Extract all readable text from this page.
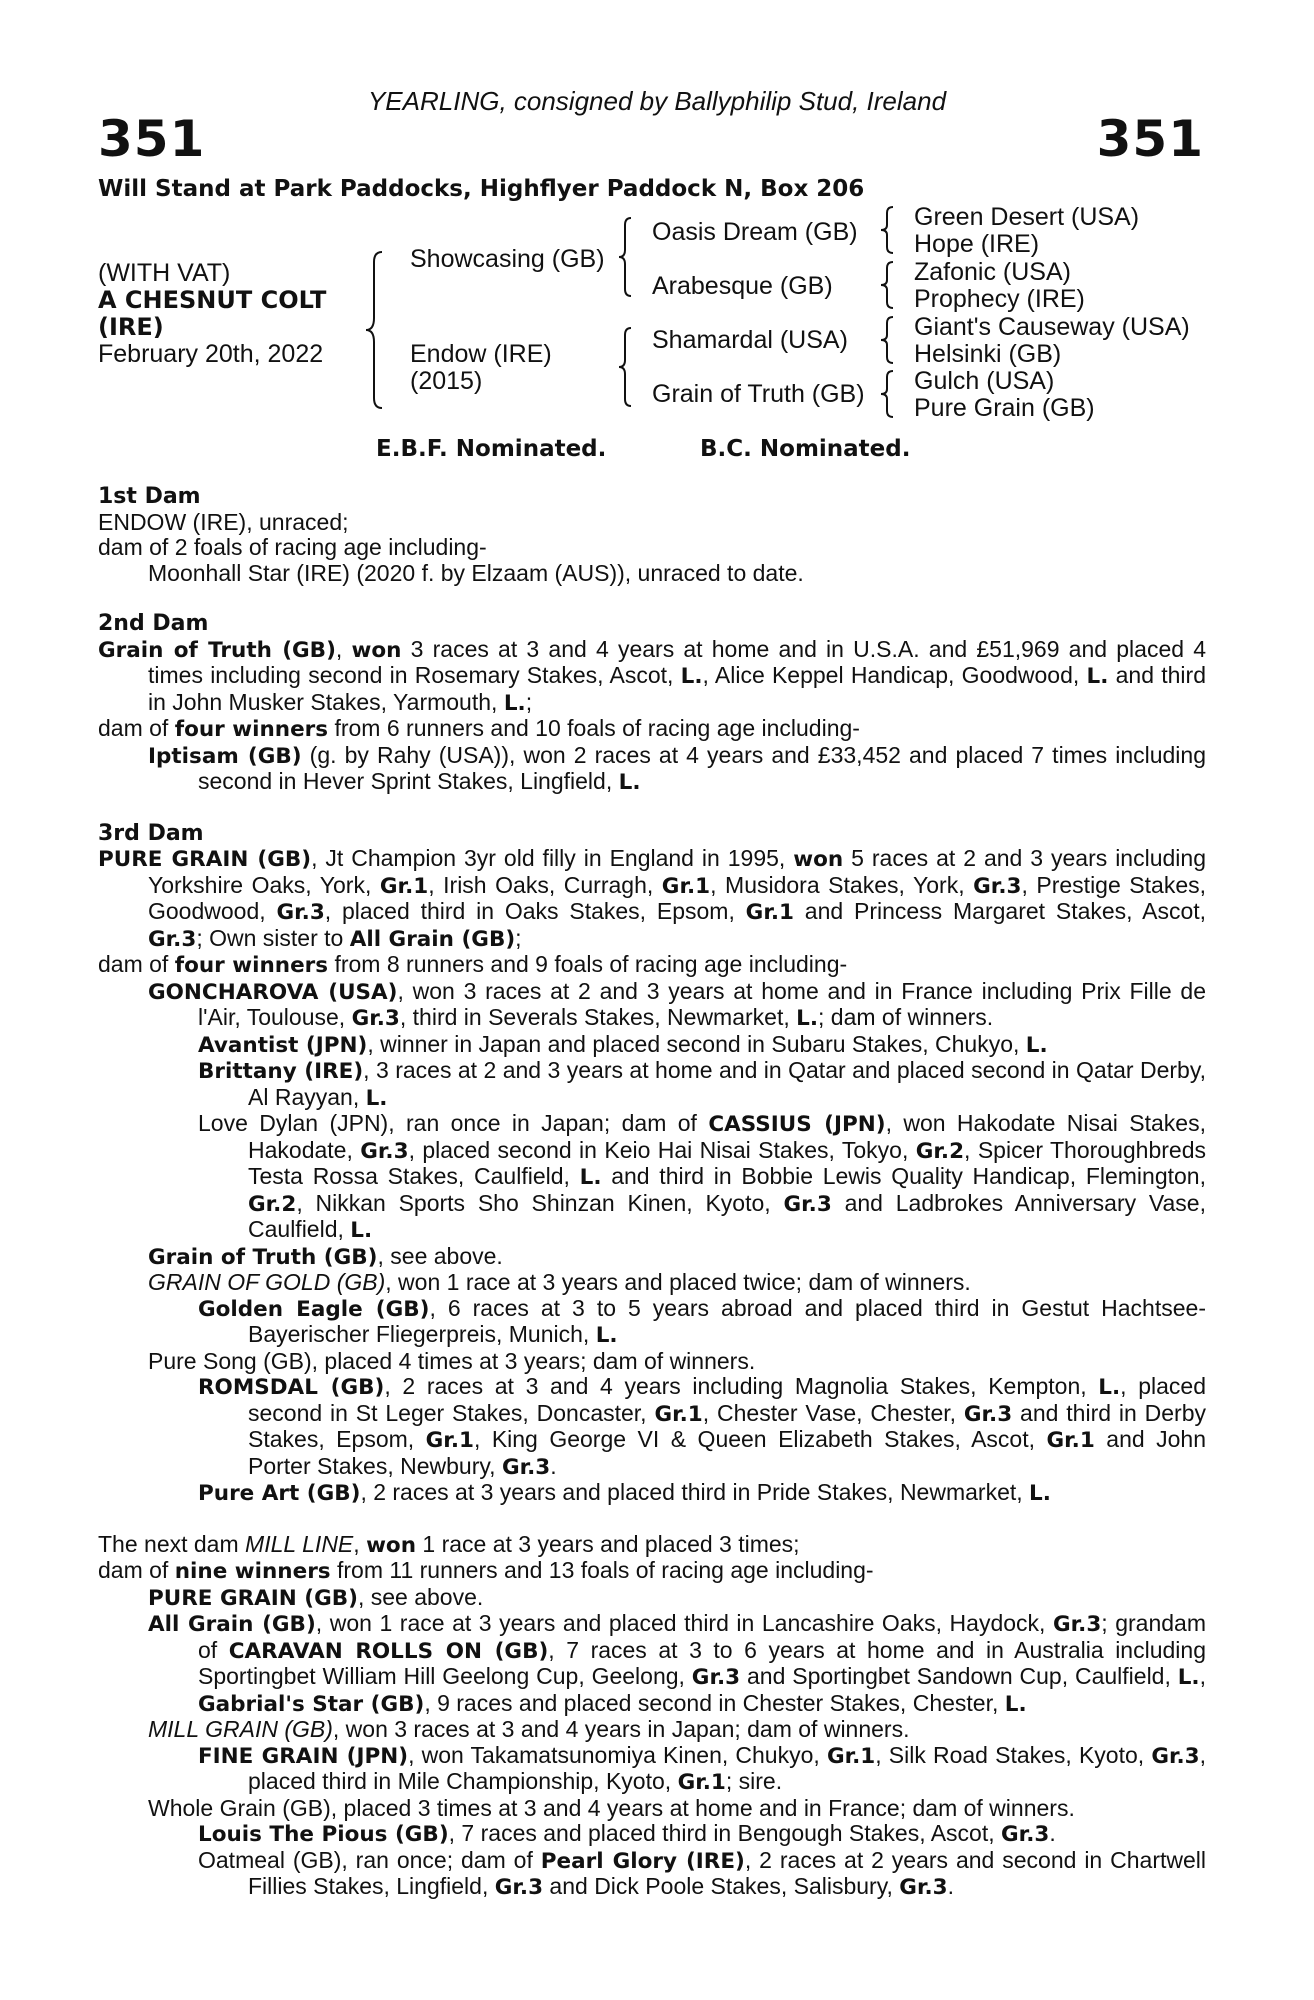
YEARLING, consigned by Ballyphilip Stud, Ireland
351	351
Will Stand at Park Paddocks, Highflyer Paddock N, Box 206
(WITH VAT)
A CHESNUT COLT
(IRE)
February 20th, 2022
Showcasing (GB)
Endow (IRE)
(2015)
Oasis Dream (GB)
Arabesque (GB)
Shamardal (USA)
Grain of Truth (GB)
Green Desert (USA)
Hope (IRE)
Zafonic (USA)
Prophecy (IRE)
Giant's Causeway (USA)
Helsinki (GB)
Gulch (USA)
Pure Grain (GB)
E.B.F. Nominated.	B.C. Nominated.
1st Dam
ENDOW (IRE), unraced;
dam of 2 foals of racing age including-
Moonhall Star (IRE) (2020 f. by Elzaam (AUS)), unraced to date.
2nd Dam
Grain of Truth (GB), won 3 races at 3 and 4 years at home and in U.S.A. and £51,969 and placed 4 times including second in Rosemary Stakes, Ascot, L., Alice Keppel Handicap, Goodwood, L. and third in John Musker Stakes, Yarmouth, L.;
dam of four winners from 6 runners and 10 foals of racing age including-
Iptisam (GB) (g. by Rahy (USA)), won 2 races at 4 years and £33,452 and placed 7 times including second in Hever Sprint Stakes, Lingfield, L.
3rd Dam
PURE GRAIN (GB), Jt Champion 3yr old filly in England in 1995, won 5 races at 2 and 3 years including Yorkshire Oaks, York, Gr.1, Irish Oaks, Curragh, Gr.1, Musidora Stakes, York, Gr.3, Prestige Stakes, Goodwood, Gr.3, placed third in Oaks Stakes, Epsom, Gr.1 and Princess Margaret Stakes, Ascot, Gr.3; Own sister to All Grain (GB);
dam of four winners from 8 runners and 9 foals of racing age including-
GONCHAROVA (USA), won 3 races at 2 and 3 years at home and in France including Prix Fille de l'Air, Toulouse, Gr.3, third in Severals Stakes, Newmarket, L.; dam of winners.
Avantist (JPN), winner in Japan and placed second in Subaru Stakes, Chukyo, L.
Brittany (IRE), 3 races at 2 and 3 years at home and in Qatar and placed second in Qatar Derby, Al Rayyan, L.
Love Dylan (JPN), ran once in Japan; dam of CASSIUS (JPN), won Hakodate Nisai Stakes, Hakodate, Gr.3, placed second in Keio Hai Nisai Stakes, Tokyo, Gr.2, Spicer Thoroughbreds Testa Rossa Stakes, Caulfield, L. and third in Bobbie Lewis Quality Handicap, Flemington, Gr.2, Nikkan Sports Sho Shinzan Kinen, Kyoto, Gr.3 and Ladbrokes Anniversary Vase, Caulfield, L.
Grain of Truth (GB), see above.
GRAIN OF GOLD (GB), won 1 race at 3 years and placed twice; dam of winners.
Golden Eagle (GB), 6 races at 3 to 5 years abroad and placed third in Gestut Hachtsee-Bayerischer Fliegerpreis, Munich, L.
Pure Song (GB), placed 4 times at 3 years; dam of winners.
ROMSDAL (GB), 2 races at 3 and 4 years including Magnolia Stakes, Kempton, L., placed second in St Leger Stakes, Doncaster, Gr.1, Chester Vase, Chester, Gr.3 and third in Derby Stakes, Epsom, Gr.1, King George VI & Queen Elizabeth Stakes, Ascot, Gr.1 and John Porter Stakes, Newbury, Gr.3.
Pure Art (GB), 2 races at 3 years and placed third in Pride Stakes, Newmarket, L.
The next dam MILL LINE, won 1 race at 3 years and placed 3 times;
dam of nine winners from 11 runners and 13 foals of racing age including-
PURE GRAIN (GB), see above.
All Grain (GB), won 1 race at 3 years and placed third in Lancashire Oaks, Haydock, Gr.3; grandam of CARAVAN ROLLS ON (GB), 7 races at 3 to 6 years at home and in Australia including Sportingbet William Hill Geelong Cup, Geelong, Gr.3 and Sportingbet Sandown Cup, Caulfield, L., Gabrial's Star (GB), 9 races and placed second in Chester Stakes, Chester, L.
MILL GRAIN (GB), won 3 races at 3 and 4 years in Japan; dam of winners.
FINE GRAIN (JPN), won Takamatsunomiya Kinen, Chukyo, Gr.1, Silk Road Stakes, Kyoto, Gr.3, placed third in Mile Championship, Kyoto, Gr.1; sire.
Whole Grain (GB), placed 3 times at 3 and 4 years at home and in France; dam of winners.
Louis The Pious (GB), 7 races and placed third in Bengough Stakes, Ascot, Gr.3.
Oatmeal (GB), ran once; dam of Pearl Glory (IRE), 2 races at 2 years and second in Chartwell Fillies Stakes, Lingfield, Gr.3 and Dick Poole Stakes, Salisbury, Gr.3.
